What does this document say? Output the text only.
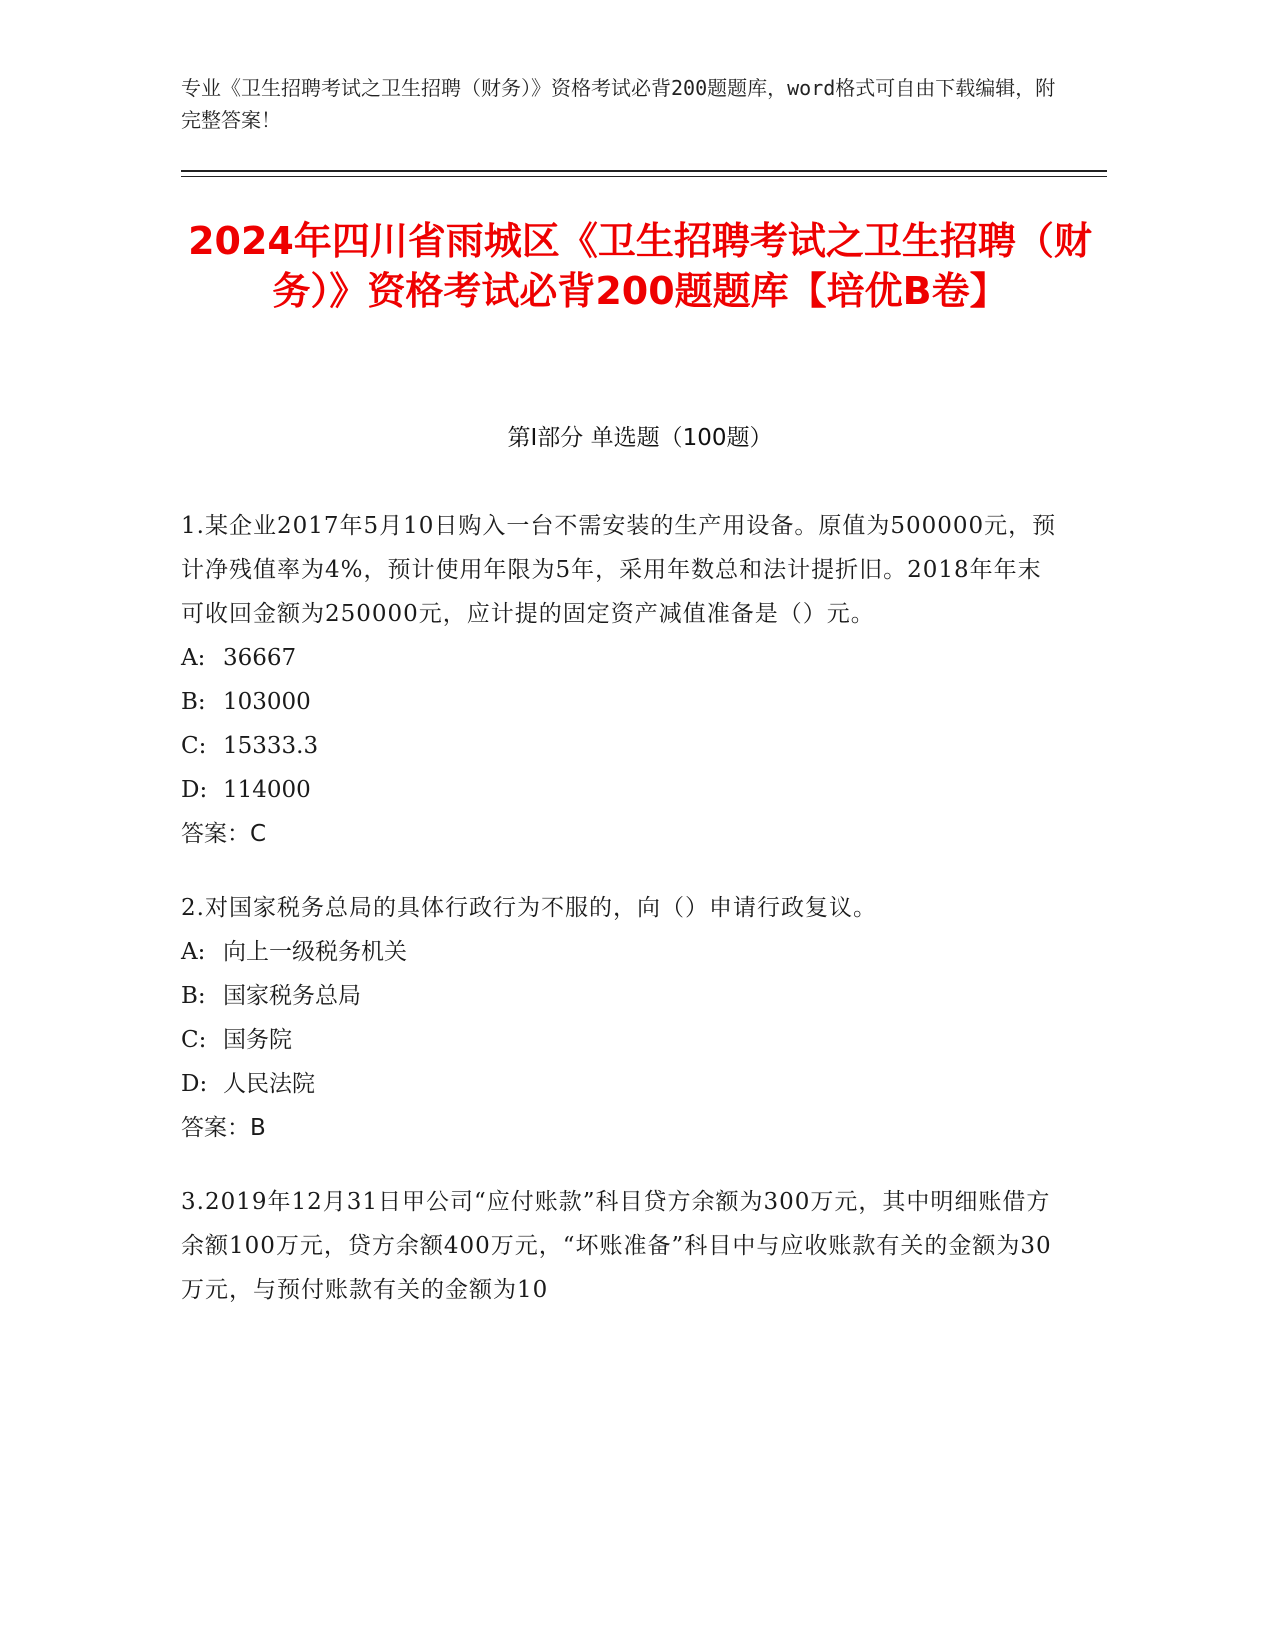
专业《卫生招聘考试之卫生招聘（财务）》资格考试必背200题题库，word格式可自由下载编辑，附完整答案！
2024年四川省雨城区《卫生招聘考试之卫生招聘（财务）》资格考试必背200题题库【培优B卷】
第I部分 单选题（100题）

1.某企业2017年5月10日购入一台不需安装的生产用设备。原值为500000元，预计净残值率为4%，预计使用年限为5年，采用年数总和法计提折旧。2018年年末可收回金额为250000元，应计提的固定资产减值准备是（）元。

A: 36667

B: 103000

C: 15333.3

D: 114000

答案：C

2.对国家税务总局的具体行政行为不服的，向（）申请行政复议。

A: 向上一级税务机关

B: 国家税务总局

C: 国务院

D: 人民法院

答案：B

3.2019年12月31日甲公司“应付账款”科目贷方余额为300万元，其中明细账借方余额100万元，贷方余额400万元，“坏账准备”科目中与应收账款有关的金额为30万元，与预付账款有关的金额为10
